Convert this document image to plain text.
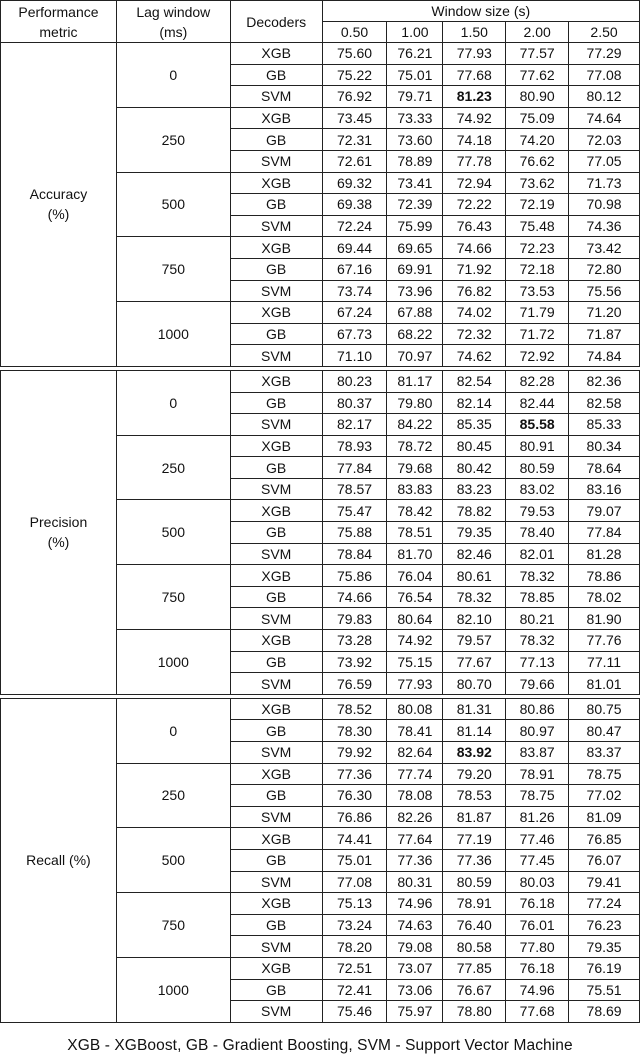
Performance metric	Lag window (ms)	Decoders	Window size (s)				
			0.50	1.00	1.50	2.00	2.50
Accuracy (%)	0	XGB	75.60	76.21	77.93	77.57	77.29
		GB	75.22	75.01	77.68	77.62	77.08
		SVM	76.92	79.71	81.23	80.90	80.12
	250	XGB	73.45	73.33	74.92	75.09	74.64
		GB	72.31	73.60	74.18	74.20	72.03
		SVM	72.61	78.89	77.78	76.62	77.05
	500	XGB	69.32	73.41	72.94	73.62	71.73
		GB	69.38	72.39	72.22	72.19	70.98
		SVM	72.24	75.99	76.43	75.48	74.36
	750	XGB	69.44	69.65	74.66	72.23	73.42
		GB	67.16	69.91	71.92	72.18	72.80
		SVM	73.74	73.96	76.82	73.53	75.56
	1000	XGB	67.24	67.88	74.02	71.79	71.20
		GB	67.73	68.22	72.32	71.72	71.87
		SVM	71.10	70.97	74.62	72.92	74.84

Precision (%)	0	XGB	80.23	81.17	82.54	82.28	82.36
		GB	80.37	79.80	82.14	82.44	82.58
		SVM	82.17	84.22	85.35	85.58	85.33
	250	XGB	78.93	78.72	80.45	80.91	80.34
		GB	77.84	79.68	80.42	80.59	78.64
		SVM	78.57	83.83	83.23	83.02	83.16
	500	XGB	75.47	78.42	78.82	79.53	79.07
		GB	75.88	78.51	79.35	78.40	77.84
		SVM	78.84	81.70	82.46	82.01	81.28
	750	XGB	75.86	76.04	80.61	78.32	78.86
		GB	74.66	76.54	78.32	78.85	78.02
		SVM	79.83	80.64	82.10	80.21	81.90
	1000	XGB	73.28	74.92	79.57	78.32	77.76
		GB	73.92	75.15	77.67	77.13	77.11
		SVM	76.59	77.93	80.70	79.66	81.01

Recall (%)	0	XGB	78.52	80.08	81.31	80.86	80.75
		GB	78.30	78.41	81.14	80.97	80.47
		SVM	79.92	82.64	83.92	83.87	83.37
	250	XGB	77.36	77.74	79.20	78.91	78.75
		GB	76.30	78.08	78.53	78.75	77.02
		SVM	76.86	82.26	81.87	81.26	81.09
	500	XGB	74.41	77.64	77.19	77.46	76.85
		GB	75.01	77.36	77.36	77.45	76.07
		SVM	77.08	80.31	80.59	80.03	79.41
	750	XGB	75.13	74.96	78.91	76.18	77.24
		GB	73.24	74.63	76.40	76.01	76.23
		SVM	78.20	79.08	80.58	77.80	79.35
	1000	XGB	72.51	73.07	77.85	76.18	76.19
		GB	72.41	73.06	76.67	74.96	75.51
		SVM	75.46	75.97	78.80	77.68	78.69
XGB - XGBoost, GB - Gradient Boosting, SVM - Support Vector Machine
